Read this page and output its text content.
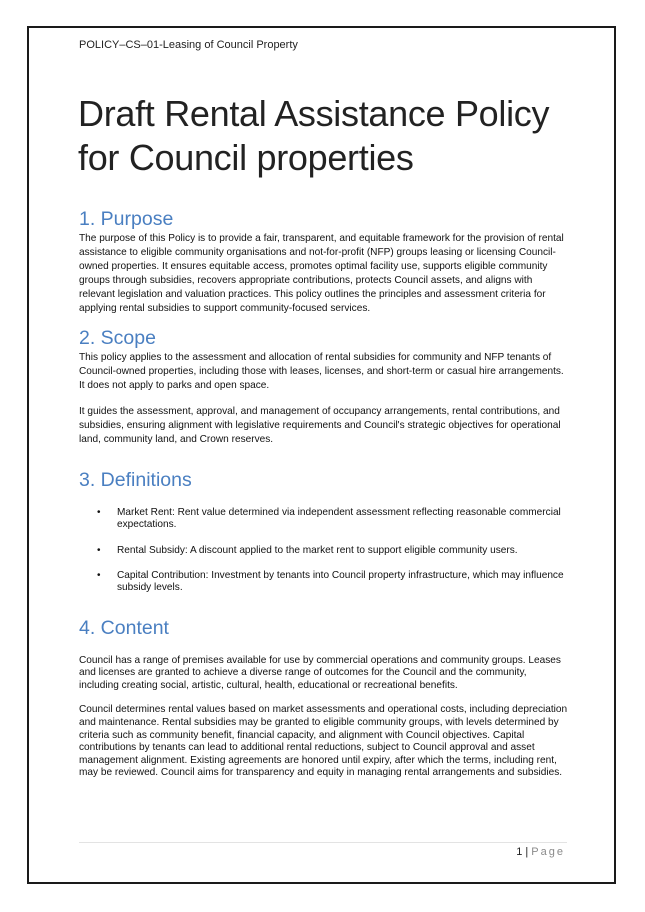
POLICY–CS–01-Leasing of Council Property
Draft Rental Assistance Policy
for Council properties
1. Purpose

The purpose of this Policy is to provide a fair, transparent, and equitable framework for the provision of rental assistance to eligible community organisations and not-for-profit (NFP) groups leasing or licensing Council-owned properties. It ensures equitable access, promotes optimal facility use, supports eligible community groups through subsidies, recovers appropriate contributions, protects Council assets, and aligns with relevant legislation and valuation practices. This policy outlines the principles and assessment criteria for applying rental subsidies to support community-focused services.

2. Scope

This policy applies to the assessment and allocation of rental subsidies for community and NFP tenants of Council-owned properties, including those with leases, licenses, and short-term or casual hire arrangements. It does not apply to parks and open space.

It guides the assessment, approval, and management of occupancy arrangements, rental contributions, and subsidies, ensuring alignment with legislative requirements and Council's strategic objectives for operational land, community land, and Crown reserves.

3. Definitions
• Market Rent: Rent value determined via independent assessment reflecting reasonable commercial expectations.
• Rental Subsidy: A discount applied to the market rent to support eligible community users.
• Capital Contribution: Investment by tenants into Council property infrastructure, which may influence subsidy levels.
4. Content

Council has a range of premises available for use by commercial operations and community groups. Leases and licenses are granted to achieve a diverse range of outcomes for the Council and the community, including creating social, artistic, cultural, health, educational or recreational benefits.

Council determines rental values based on market assessments and operational costs, including depreciation and maintenance. Rental subsidies may be granted to eligible community groups, with levels determined by criteria such as community benefit, financial capacity, and alignment with Council objectives. Capital contributions by tenants can lead to additional rental reductions, subject to Council approval and asset management alignment. Existing agreements are honored until expiry, after which the terms, including rent, may be reviewed. Council aims for transparency and equity in managing rental arrangements and subsidies.

1 | Page
